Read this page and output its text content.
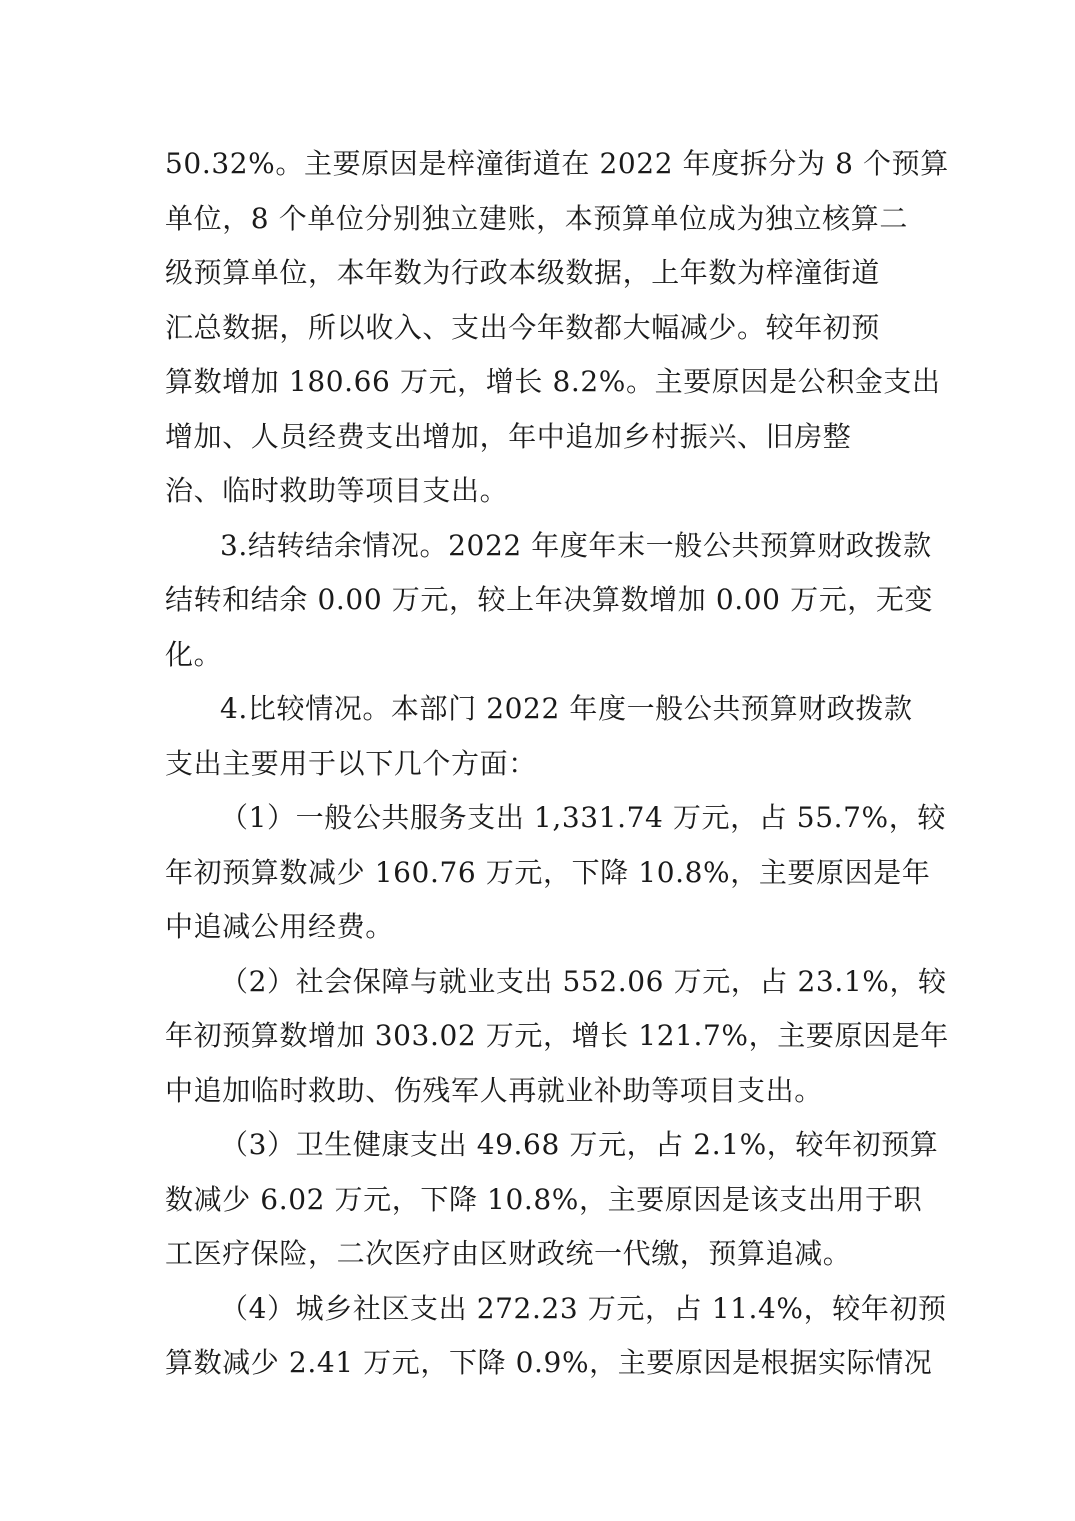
50.32%。主要原因是梓潼街道在 2022 年度拆分为 8 个预算
单位，8 个单位分别独立建账，本预算单位成为独立核算二
级预算单位，本年数为行政本级数据，上年数为梓潼街道
汇总数据，所以收入、支出今年数都大幅减少。较年初预
算数增加 180.66 万元，增长 8.2%。主要原因是公积金支出
增加、人员经费支出增加，年中追加乡村振兴、旧房整
治、临时救助等项目支出。
3.结转结余情况。2022 年度年末一般公共预算财政拨款
结转和结余 0.00 万元，较上年决算数增加 0.00 万元，无变
化。
4.比较情况。本部门 2022 年度一般公共预算财政拨款
支出主要用于以下几个方面：
（1）一般公共服务支出 1,331.74 万元，占 55.7%，较
年初预算数减少 160.76 万元，下降 10.8%，主要原因是年
中追减公用经费。
（2）社会保障与就业支出 552.06 万元，占 23.1%，较
年初预算数增加 303.02 万元，增长 121.7%，主要原因是年
中追加临时救助、伤残军人再就业补助等项目支出。
（3）卫生健康支出 49.68 万元，占 2.1%，较年初预算
数减少 6.02 万元，下降 10.8%，主要原因是该支出用于职
工医疗保险，二次医疗由区财政统一代缴，预算追减。
（4）城乡社区支出 272.23 万元，占 11.4%，较年初预
算数减少 2.41 万元，下降 0.9%，主要原因是根据实际情况
